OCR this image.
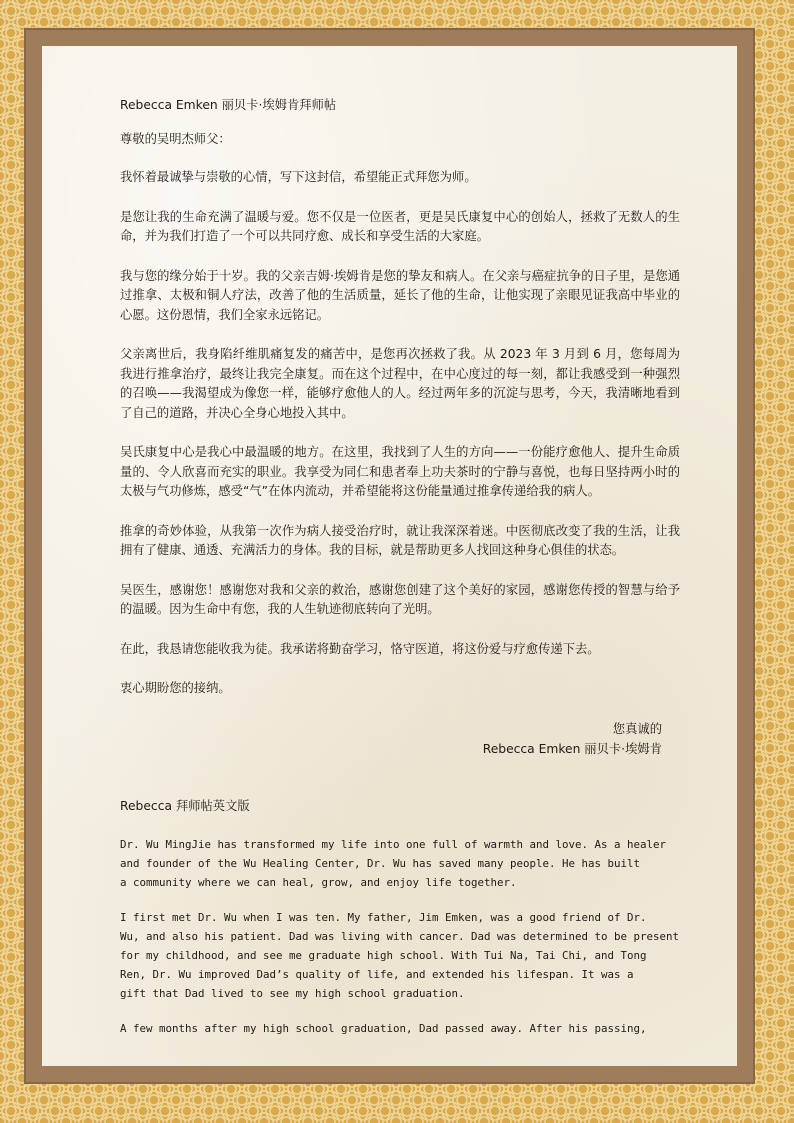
Rebecca Emken 丽贝卡·埃姆肯拜师帖

尊敬的吴明杰师父：

我怀着最诚挚与崇敬的心情，写下这封信，希望能正式拜您为师。

是您让我的生命充满了温暖与爱。您不仅是一位医者，更是吴氏康复中心的创始人，拯救了无数人的生命，并为我们打造了一个可以共同疗愈、成长和享受生活的大家庭。

我与您的缘分始于十岁。我的父亲吉姆·埃姆肯是您的挚友和病人。在父亲与癌症抗争的日子里，是您通过推拿、太极和铜人疗法，改善了他的生活质量，延长了他的生命，让他实现了亲眼见证我高中毕业的心愿。这份恩情，我们全家永远铭记。

父亲离世后，我身陷纤维肌痛复发的痛苦中，是您再次拯救了我。从 2023 年 3 月到 6 月，您每周为我进行推拿治疗，最终让我完全康复。而在这个过程中，在中心度过的每一刻，都让我感受到一种强烈的召唤——我渴望成为像您一样，能够疗愈他人的人。经过两年多的沉淀与思考，今天，我清晰地看到了自己的道路，并决心全身心地投入其中。

吴氏康复中心是我心中最温暖的地方。在这里，我找到了人生的方向——一份能疗愈他人、提升生命质量的、令人欣喜而充实的职业。我享受为同仁和患者奉上功夫茶时的宁静与喜悦，也每日坚持两小时的太极与气功修炼，感受“气”在体内流动，并希望能将这份能量通过推拿传递给我的病人。

推拿的奇妙体验，从我第一次作为病人接受治疗时，就让我深深着迷。中医彻底改变了我的生活，让我拥有了健康、通透、充满活力的身体。我的目标，就是帮助更多人找回这种身心俱佳的状态。

吴医生，感谢您！感谢您对我和父亲的救治，感谢您创建了这个美好的家园，感谢您传授的智慧与给予的温暖。因为生命中有您，我的人生轨迹彻底转向了光明。

在此，我恳请您能收我为徒。我承诺将勤奋学习，恪守医道，将这份爱与疗愈传递下去。

衷心期盼您的接纳。

您真诚的
Rebecca Emken 丽贝卡·埃姆肯

Rebecca 拜师帖英文版

Dr. Wu MingJie has transformed my life into one full of warmth and love. As a healer
and founder of the Wu Healing Center, Dr. Wu has saved many people. He has built
a community where we can heal, grow, and enjoy life together.

I first met Dr. Wu when I was ten. My father, Jim Emken, was a good friend of Dr.
Wu, and also his patient. Dad was living with cancer. Dad was determined to be present
for my childhood, and see me graduate high school. With Tui Na, Tai Chi, and Tong
Ren, Dr. Wu improved Dad’s quality of life, and extended his lifespan. It was a
gift that Dad lived to see my high school graduation.

A few months after my high school graduation, Dad passed away. After his passing,
